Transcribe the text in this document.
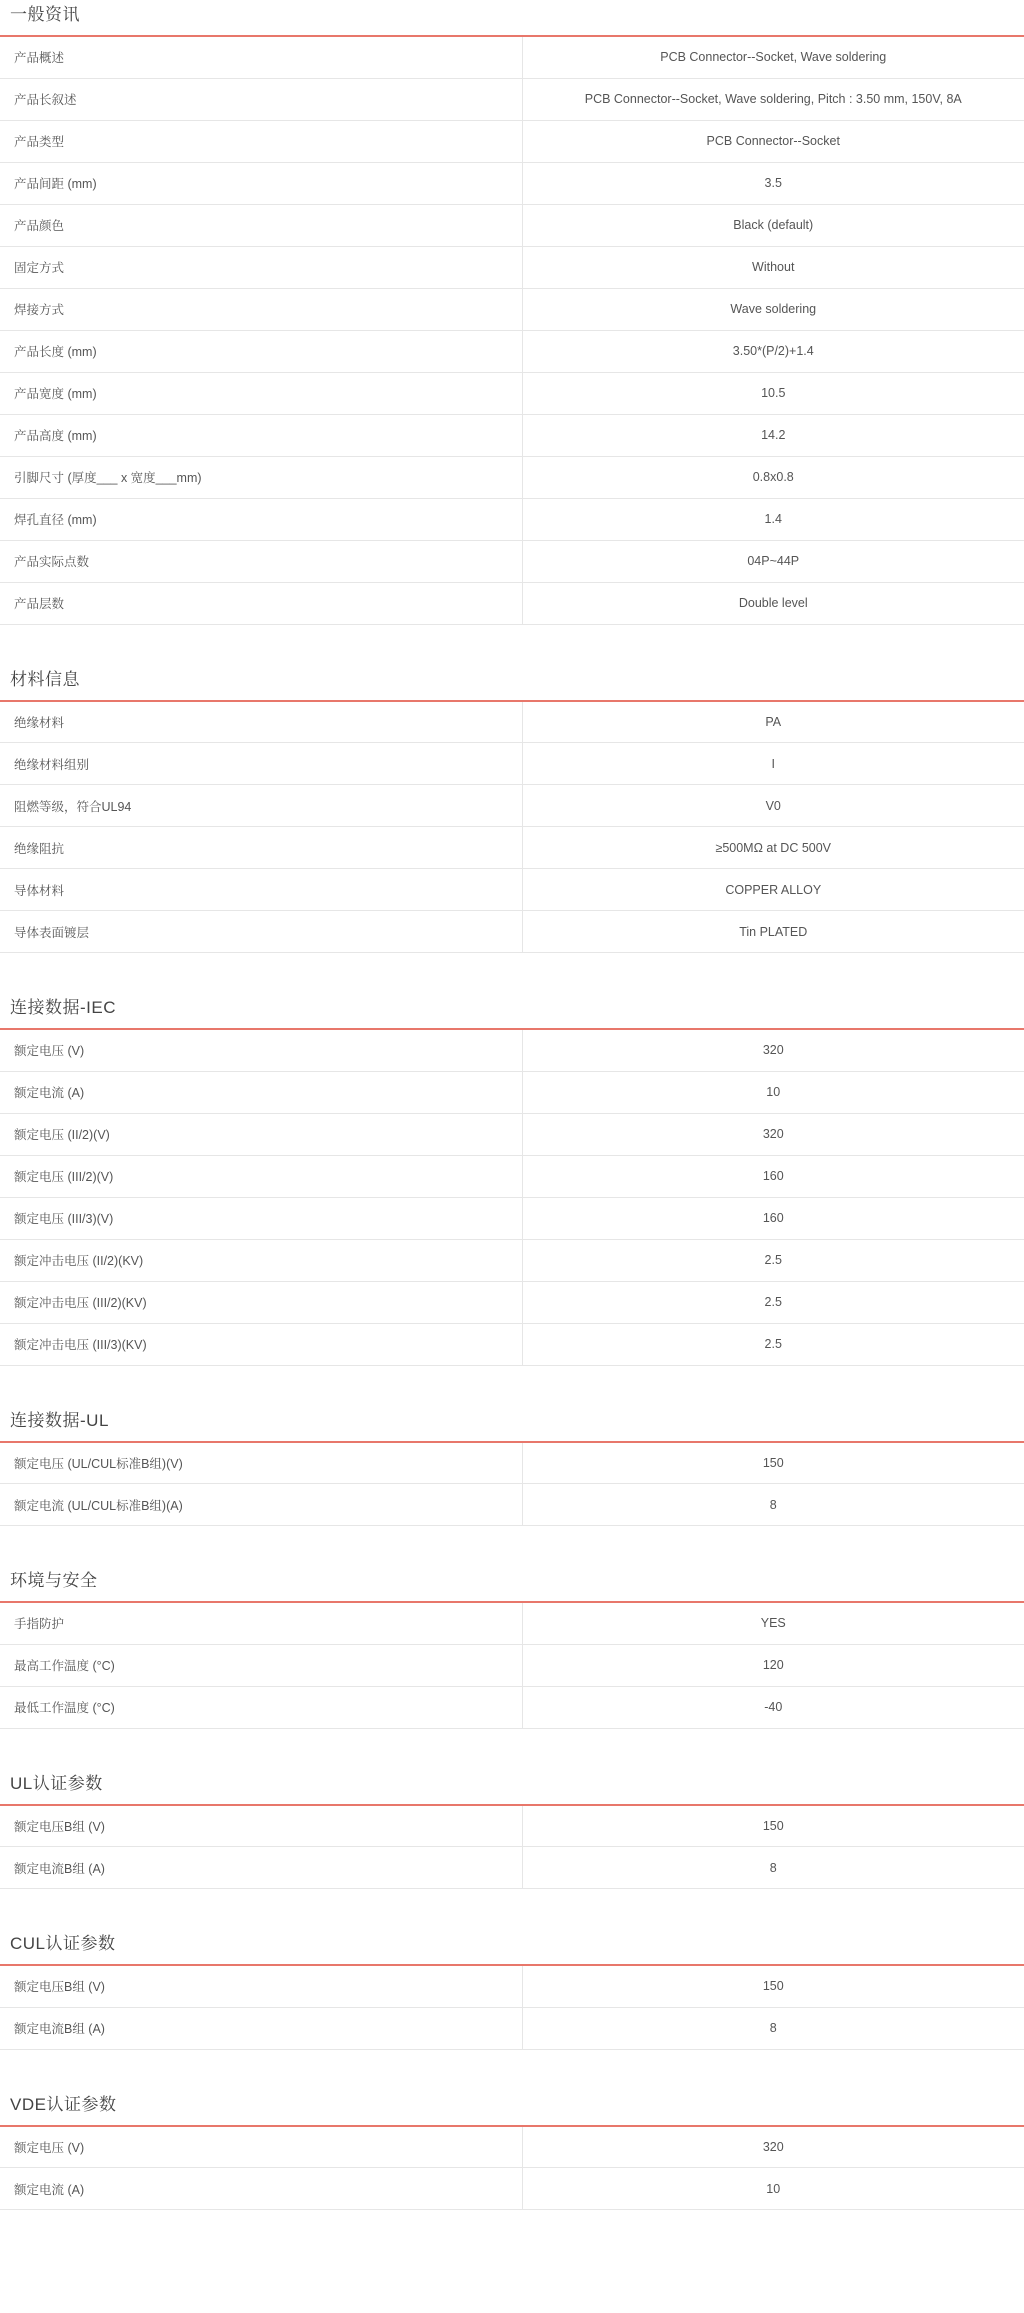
一般资讯
产品概述	PCB Connector--Socket, Wave soldering
产品长叙述	PCB Connector--Socket, Wave soldering, Pitch : 3.50 mm, 150V, 8A
产品类型	PCB Connector--Socket
产品间距 (mm)	3.5
产品颜色	Black (default)
固定方式	Without
焊接方式	Wave soldering
产品长度 (mm)	3.50*(P/2)+1.4
产品宽度 (mm)	10.5
产品高度 (mm)	14.2
引脚尺寸 (厚度___ x 宽度___mm)	0.8x0.8
焊孔直径 (mm)	1.4
产品实际点数	04P~44P
产品层数	Double level
材料信息
绝缘材料	PA
绝缘材料组别	I
阻燃等级，符合UL94	V0
绝缘阻抗	≥500MΩ at DC 500V
导体材料	COPPER ALLOY
导体表面镀层	Tin PLATED
连接数据-IEC
额定电压 (V)	320
额定电流 (A)	10
额定电压 (II/2)(V)	320
额定电压 (III/2)(V)	160
额定电压 (III/3)(V)	160
额定冲击电压 (II/2)(KV)	2.5
额定冲击电压 (III/2)(KV)	2.5
额定冲击电压 (III/3)(KV)	2.5
连接数据-UL
额定电压 (UL/CUL标准B组)(V)	150
额定电流 (UL/CUL标准B组)(A)	8
环境与安全
手指防护	YES
最高工作温度 (°C)	120
最低工作温度 (°C)	-40
UL认证参数
额定电压B组 (V)	150
额定电流B组 (A)	8
CUL认证参数
额定电压B组 (V)	150
额定电流B组 (A)	8
VDE认证参数
额定电压 (V)	320
额定电流 (A)	10
